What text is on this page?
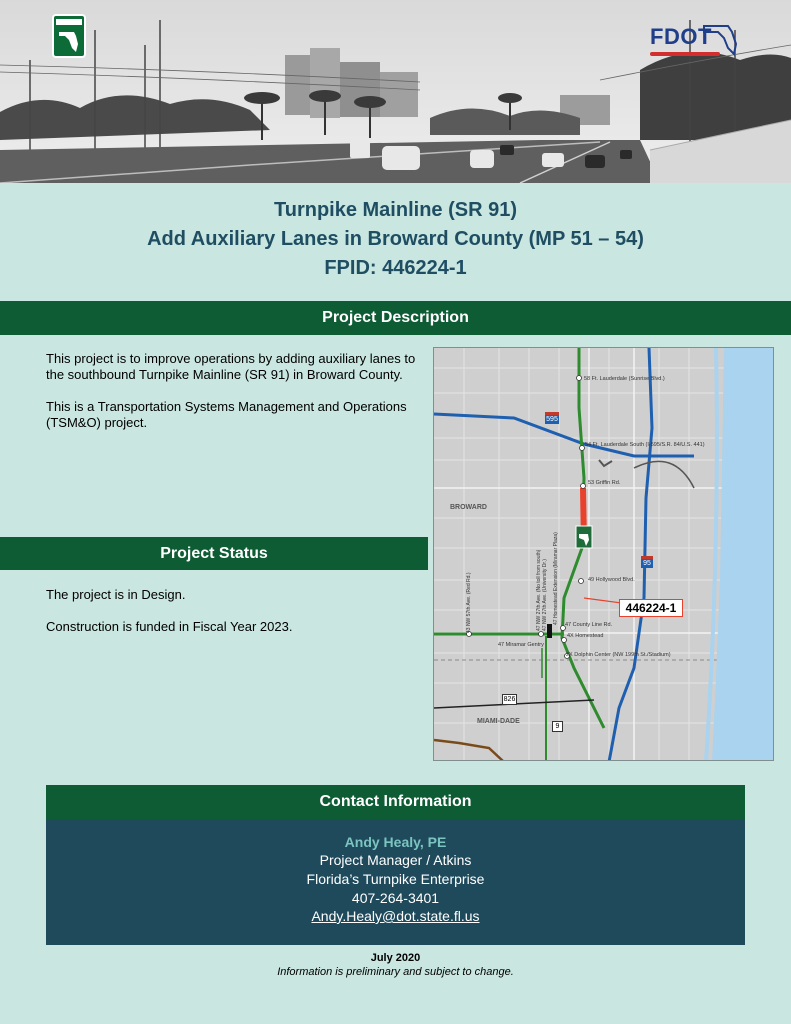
FDOT
Turnpike Mainline (SR 91)
Add Auxiliary Lanes in Broward County (MP 51 – 54)
FPID: 446224-1
Project Description
This project is to improve operations by adding auxiliary lanes to the southbound Turnpike Mainline (SR 91) in Broward County.
This is a Transportation Systems Management and Operations (TSM&O) project.
Project Status
The project is in Design.
Construction is funded in Fiscal Year 2023.
595
95
826
9
BROWARD
MIAMI-DADE
58 Ft. Lauderdale (Sunrise Blvd.)
54 Ft. Lauderdale South (I-595/S.R. 84/U.S. 441)
53 Griffin Rd.
49 Hollywood Blvd.
47 County Line Rd.
4X Homestead
47 Miramar Gentry
2X Dolphin Center (NW 199th St./Stadium)
43 NW 57th Ave. (Red Rd.)	47 NW 27th Ave. (University Dr.)
47 NW 27th Ave. (No toll from south) 47 Homestead Extension (Miramar Plaza)	446224-1
Contact Information
Andy Healy, PE
Project Manager / Atkins
Florida’s Turnpike Enterprise
407-264-3401
Andy.Healy@dot.state.fl.us
July 2020
Information is preliminary and subject to change.
